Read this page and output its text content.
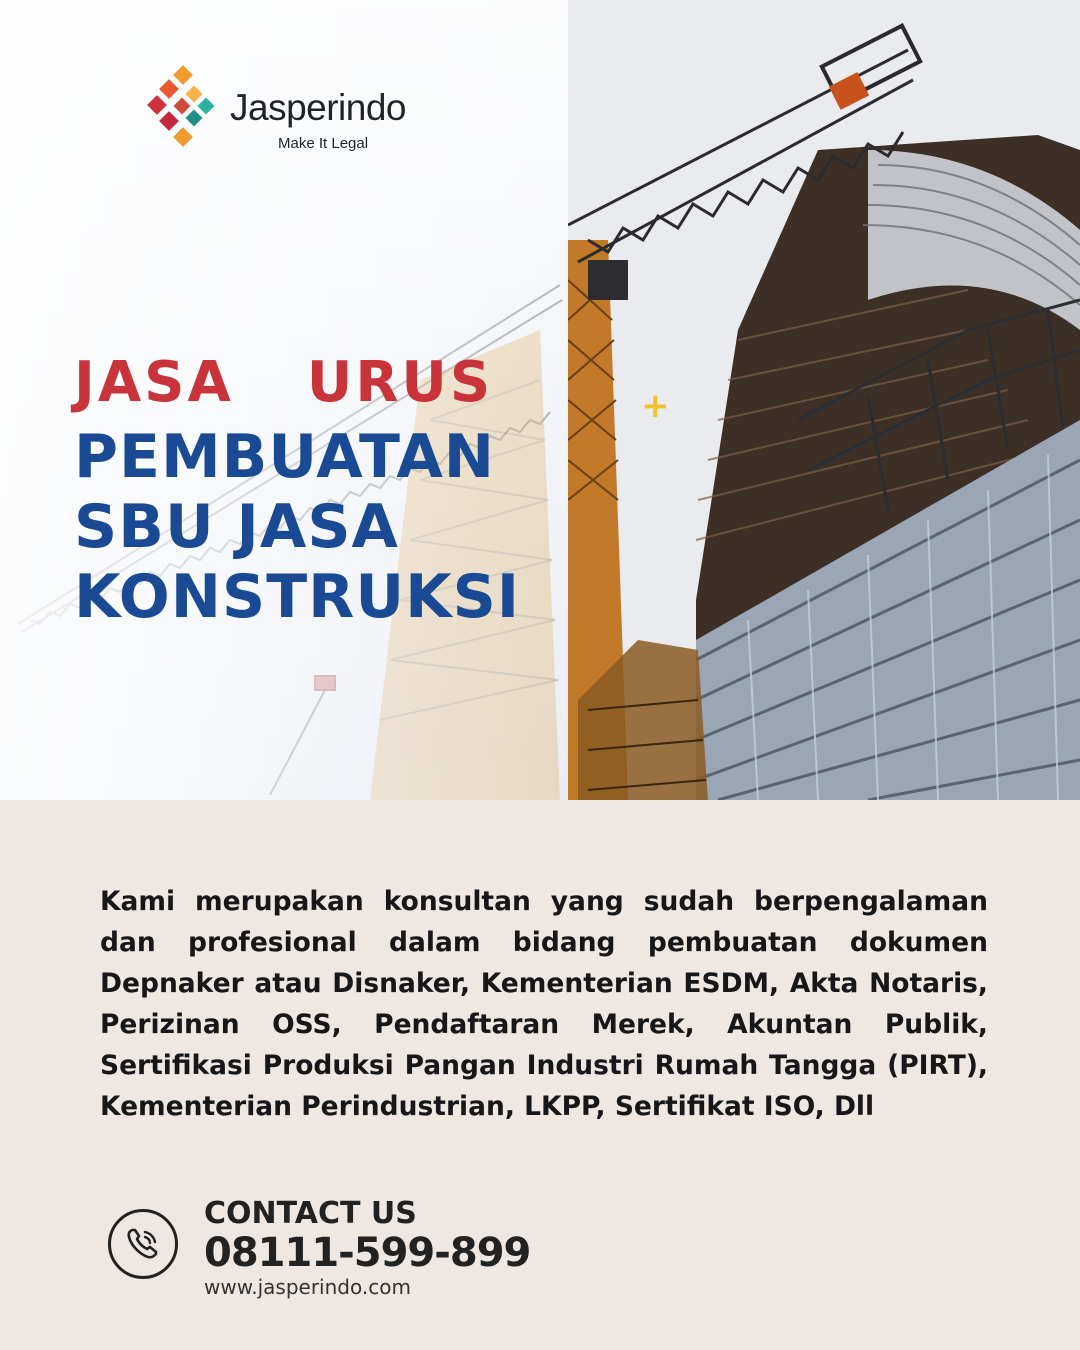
Jasperindo
Make It Legal
JASA  URUS
PEMBUATAN
SBU JASA
KONSTRUKSI
+

Kami merupakan konsultan yang sudah berpengalaman dan profesional dalam bidang pembuatan dokumen Depnaker atau Disnaker, Kementerian ESDM, Akta Notaris, Perizinan OSS, Pendaftaran Merek, Akuntan Publik, Sertifikasi Produksi Pangan Industri Rumah Tangga (PIRT), Kementerian Perindustrian, LKPP, Sertifikat ISO, Dll

CONTACT US
08111-599-899
www.jasperindo.com
